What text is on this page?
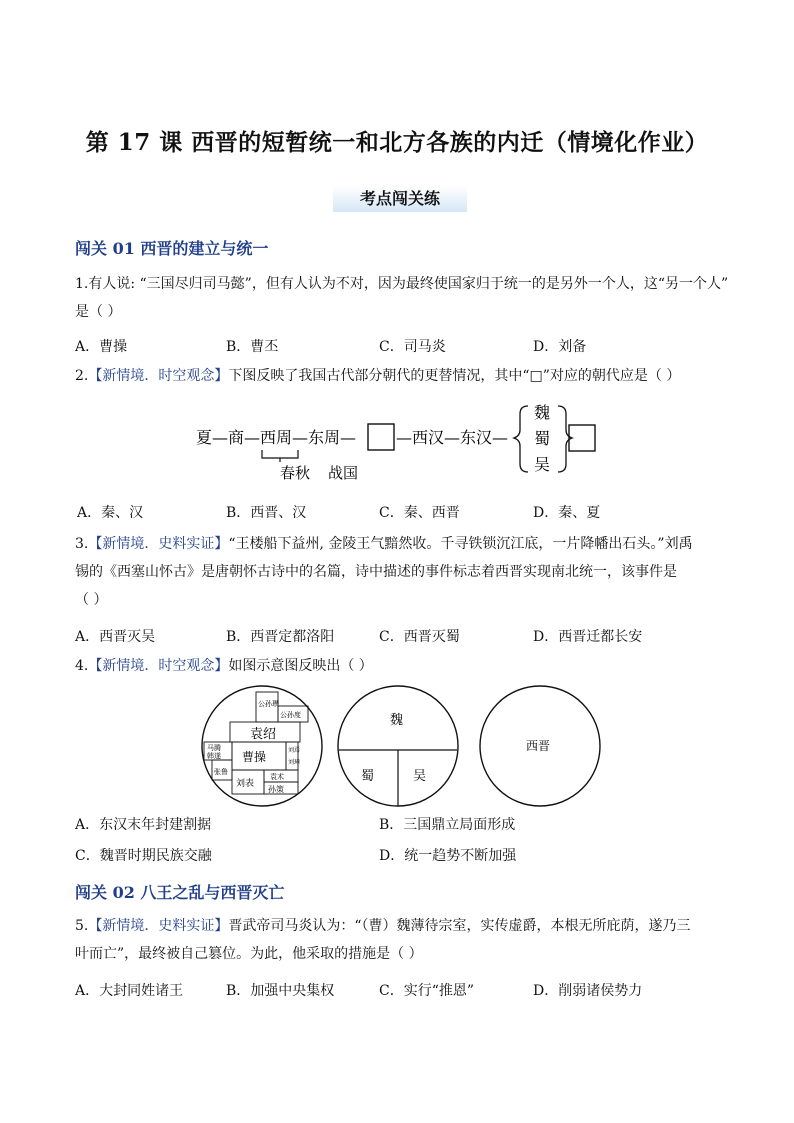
第 17 课 西晋的短暂统一和北方各族的内迁（情境化作业）
考点闯关练
闯关 01 西晋的建立与统一
1.有人说: “三国尽归司马懿”，但有人认为不对，因为最终使国家归于统一的是另外一个人，这“另一个人”
是（ ）
A．曹操	B．曹丕	C．司马炎	D．刘备
2.【新情境．时空观念】下图反映了我国古代部分朝代的更替情况，其中“□”对应的朝代应是（ ）
夏—商—西周—东周— —西汉—东汉—
春秋 战国
魏
蜀
吴
A．秦、汉	B．西晋、汉	C．秦、西晋	D．秦、夏
3.【新情境．史料实证】“王楼船下益州, 金陵王气黯然收。千寻铁锁沉江底，一片降幡出石头。”刘禹
锡的《西塞山怀古》是唐朝怀古诗中的名篇，诗中描述的事件标志着西晋实现南北统一，该事件是
（ ）
A．西晋灭吴	B．西晋定都洛阳	C．西晋灭蜀	D．西晋迁都长安
4.【新情境．时空观念】如图示意图反映出（ ）
公孙瓒
公孙度
袁绍
马腾
韩遂
张鲁
曹操	刘焉
刘璋
刘表
袁术
孙策
魏
蜀	吴
西晋
A．东汉末年封建割据	B．三国鼎立局面形成
C．魏晋时期民族交融	D．统一趋势不断加强
闯关 02 八王之乱与西晋灭亡
5.【新情境．史料实证】晋武帝司马炎认为：“（曹）魏薄待宗室，实传虚爵，本根无所庇荫，遂乃三
叶而亡”，最终被自己篡位。为此，他采取的措施是（ ）
A．大封同姓诸王	B．加强中央集权	C．实行“推恩”	D．削弱诸侯势力
